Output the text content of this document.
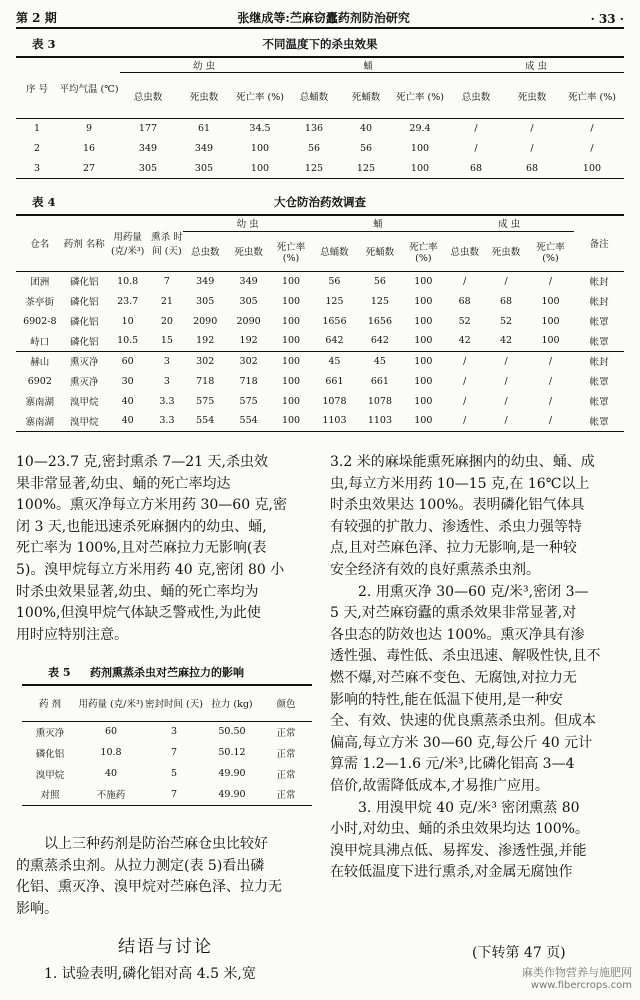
第 2 期	张继成等:苎麻窃蠹药剂防治研究	· 33 ·
表 3	不同温度下的杀虫效果
序 号	平均气温 (℃)	幼 虫			蛹			成 虫		
		总虫数	死虫数	死亡率 (%)	总蛹数	死蛹数	死亡率 (%)	总虫数	死虫数	死亡率 (%)
1	9	177	61	34.5	136	40	29.4	/	/	/
2	16	349	349	100	56	56	100	/	/	/
3	27	305	305	100	125	125	100	68	68	100
表 4	大仓防治药效调查
仓名	药剂 名称	用药量 (克/米³)	熏杀 时间 (天)	幼 虫			蛹			成 虫			备注
				总虫数	死虫数	死亡率 (%)	总蛹数	死蛹数	死亡率 (%)	总虫数	死虫数	死亡率 (%)	
团洲	磷化铝	10.8	7	349	349	100	56	56	100	/	/	/	帐封
茶亭街	磷化铝	23.7	21	305	305	100	125	125	100	68	68	100	帐封
6902-8	磷化铝	10	20	2090	2090	100	1656	1656	100	52	52	100	帐罩
峙口	磷化铝	10.5	15	192	192	100	642	642	100	42	42	100	帐罩
赫山	熏灭净	60	3	302	302	100	45	45	100	/	/	/	帐封
6902	熏灭净	30	3	718	718	100	661	661	100	/	/	/	帐罩
寨南湖	溴甲烷	40	3.3	575	575	100	1078	1078	100	/	/	/	帐罩
寨南湖	溴甲烷	40	3.3	554	554	100	1103	1103	100	/	/	/	帐罩

10—23.7 克,密封熏杀 7—21 天,杀虫效

果非常显著,幼虫、蛹的死亡率均达

100%。熏灭净每立方米用药 30—60 克,密

闭 3 天,也能迅速杀死麻捆内的幼虫、蛹,

死亡率为 100%,且对苎麻拉力无影响(表

5)。溴甲烷每立方米用药 40 克,密闭 80 小

时杀虫效果显著,幼虫、蛹的死亡率均为

100%,但溴甲烷气体缺乏警戒性,为此使

用时应特别注意。

表 5 药剂熏蒸杀虫对苎麻拉力的影响
药 剂	用药量 (克/米³)	密封时间 (天)	拉力 (kg)	颜色
熏灭净	60	3	50.50	正常
磷化铝	10.8	7	50.12	正常
溴甲烷	40	5	49.90	正常
对照	不施药	7	49.90	正常

以上三种药剂是防治苎麻仓虫比较好

的熏蒸杀虫剂。从拉力测定(表 5)看出磷

化铝、熏灭净、溴甲烷对苎麻色泽、拉力无

影响。

结语与讨论

1. 试验表明,磷化铝对高 4.5 米,宽

3.2 米的麻垛能熏死麻捆内的幼虫、蛹、成

虫,每立方米用药 10—15 克,在 16℃以上

时杀虫效果达 100%。表明磷化铝气体具

有较强的扩散力、渗透性、杀虫力强等特

点,且对苎麻色泽、拉力无影响,是一种较

安全经济有效的良好熏蒸杀虫剂。

2. 用熏灭净 30—60 克/米³,密闭 3—

5 天,对苎麻窃蠹的熏杀效果非常显著,对

各虫态的防效也达 100%。熏灭净具有渗

透性强、毒性低、杀虫迅速、解吸性快,且不

燃不爆,对苎麻不变色、无腐蚀,对拉力无

影响的特性,能在低温下使用,是一种安

全、有效、快速的优良熏蒸杀虫剂。但成本

偏高,每立方米 30—60 克,每公斤 40 元计

算需 1.2—1.6 元/米³,比磷化铝高 3—4

倍价,故需降低成本,才易推广应用。

3. 用溴甲烷 40 克/米³ 密闭熏蒸 80

小时,对幼虫、蛹的杀虫效果均达 100%。

溴甲烷具沸点低、易挥发、渗透性强,并能

在较低温度下进行熏杀,对金属无腐蚀作

(下转第 47 页)
麻类作物营养与施肥网
www.fibercrops.com
